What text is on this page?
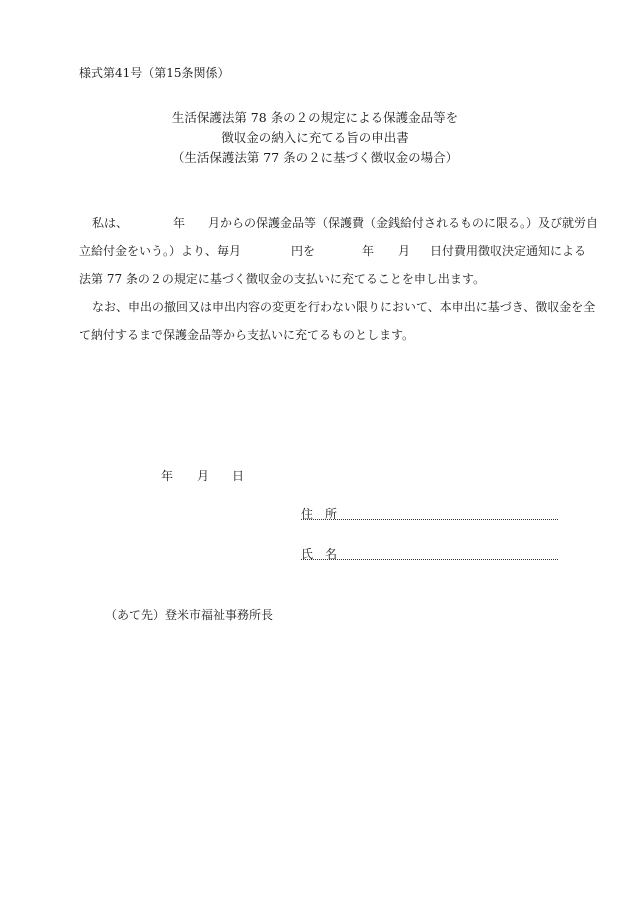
様式第41号（第15条関係）
生活保護法第 78 条の２の規定による保護金品等を
徴収金の納入に充てる旨の申出書
（生活保護法第 77 条の２に基づく徴収金の場合）
私は、	年 月からの保護金品等（保護費（金銭給付されるものに限る。）及び就労自
立給付金をいう。）より、毎月	円を	年 月 日付費用徴収決定通知による
法第 77 条の２の規定に基づく徴収金の支払いに充てることを申し出ます。
なお、申出の撤回又は申出内容の変更を行わない限りにおいて、本申出に基づき、徴収金を全
て納付するまで保護金品等から支払いに充てるものとします。
年 月 日
住　所
氏　名
（あて先）登米市福祉事務所長
